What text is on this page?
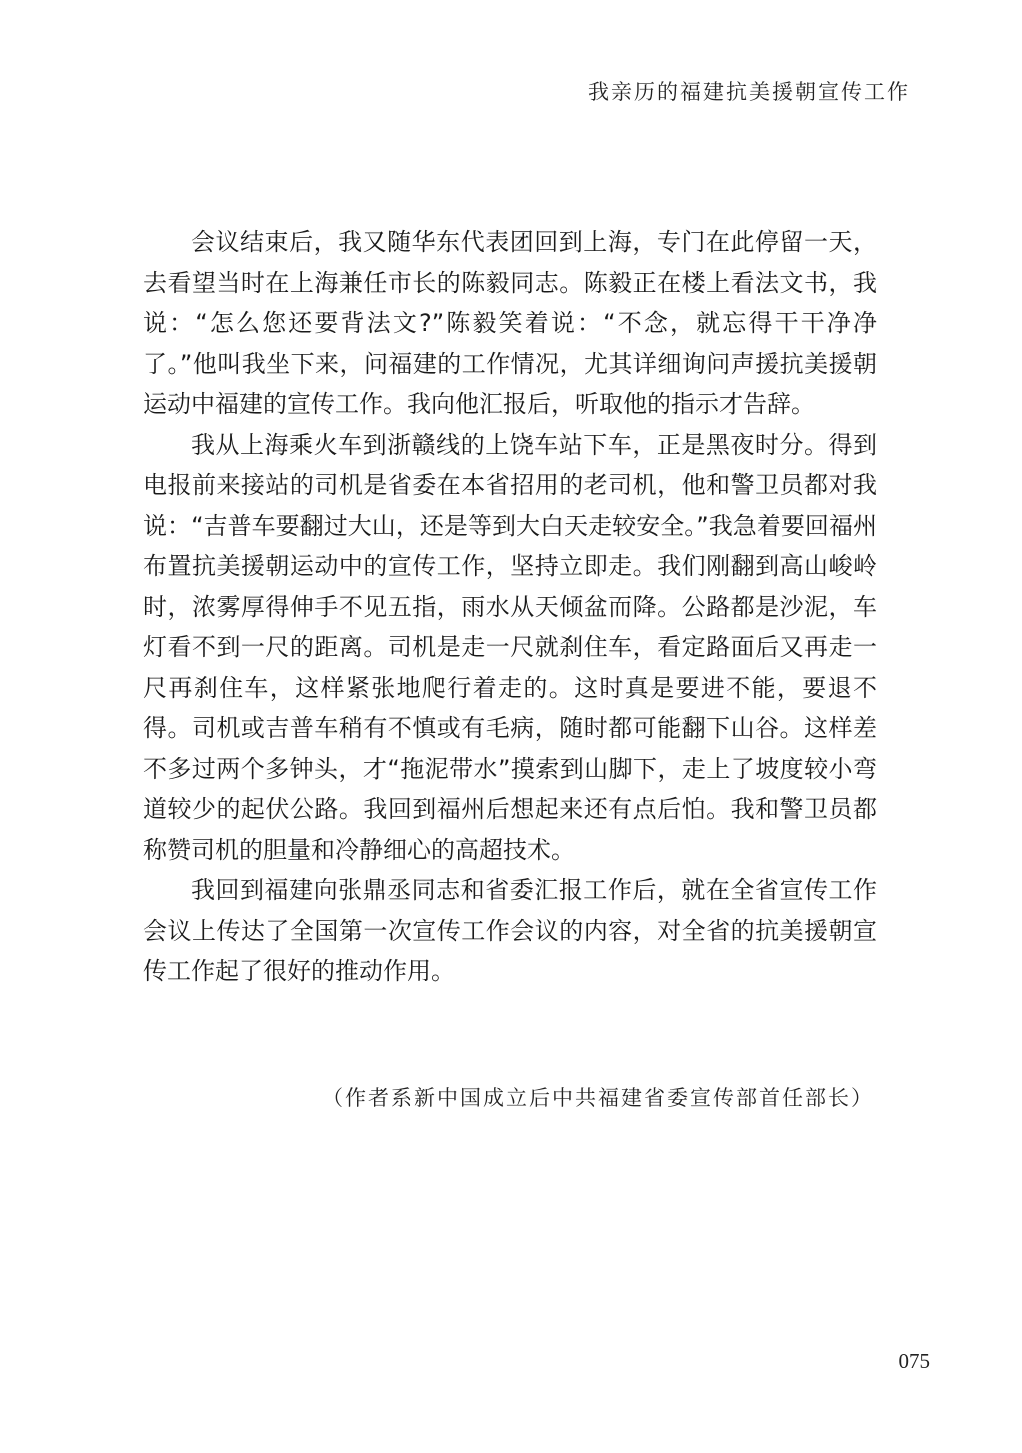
我亲历的福建抗美援朝宣传工作

会议结束后，我又随华东代表团回到上海，专门在此停留一天，去看望当时在上海兼任市长的陈毅同志。陈毅正在楼上看法文书，我说：“怎么您还要背法文?”陈毅笑着说：“不念，就忘得干干净净了。”他叫我坐下来，问福建的工作情况，尤其详细询问声援抗美援朝运动中福建的宣传工作。我向他汇报后，听取他的指示才告辞。

我从上海乘火车到浙赣线的上饶车站下车，正是黑夜时分。得到电报前来接站的司机是省委在本省招用的老司机，他和警卫员都对我说：“吉普车要翻过大山，还是等到大白天走较安全。”我急着要回福州布置抗美援朝运动中的宣传工作，坚持立即走。我们刚翻到高山峻岭时，浓雾厚得伸手不见五指，雨水从天倾盆而降。公路都是沙泥，车灯看不到一尺的距离。司机是走一尺就刹住车，看定路面后又再走一尺再刹住车，这样紧张地爬行着走的。这时真是要进不能，要退不得。司机或吉普车稍有不慎或有毛病，随时都可能翻下山谷。这样差不多过两个多钟头，才“拖泥带水”摸索到山脚下，走上了坡度较小弯道较少的起伏公路。我回到福州后想起来还有点后怕。我和警卫员都称赞司机的胆量和冷静细心的高超技术。

我回到福建向张鼎丞同志和省委汇报工作后，就在全省宣传工作会议上传达了全国第一次宣传工作会议的内容，对全省的抗美援朝宣传工作起了很好的推动作用。

（作者系新中国成立后中共福建省委宣传部首任部长）
075
